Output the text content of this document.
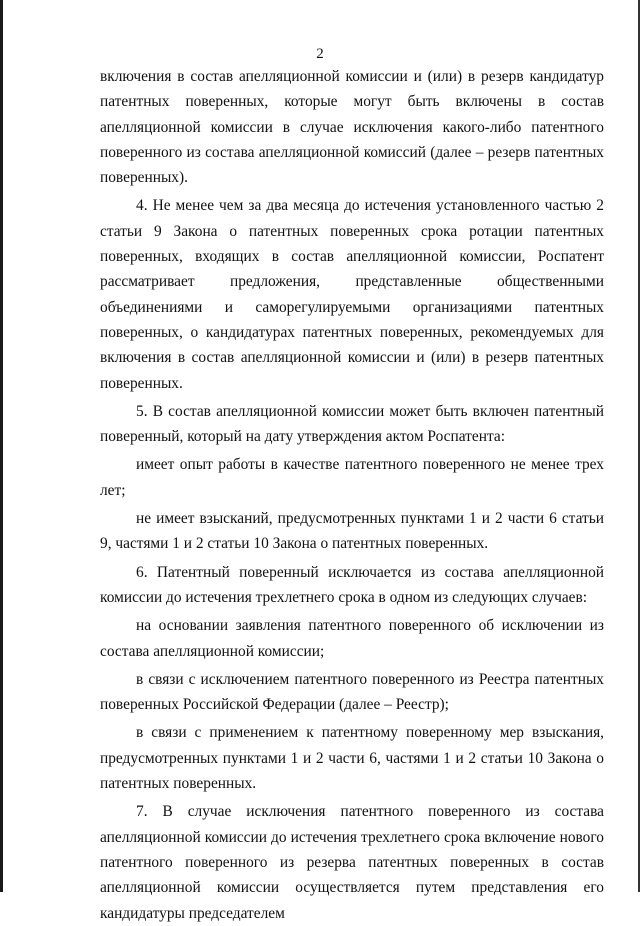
2

включения в состав апелляционной комиссии и (или) в резерв кандидатур патентных поверенных, которые могут быть включены в состав апелляционной комиссии в случае исключения какого-либо патентного поверенного из состава апелляционной комиссий (далее – резерв патентных поверенных).

4. Не менее чем за два месяца до истечения установленного частью 2 статьи 9 Закона о патентных поверенных срока ротации патентных поверенных, входящих в состав апелляционной комиссии, Роспатент рассматривает предложения, представленные общественными объединениями и саморегулируемыми организациями патентных поверенных, о кандидатурах патентных поверенных, рекомендуемых для включения в состав апелляционной комиссии и (или) в резерв патентных поверенных.

5. В состав апелляционной комиссии может быть включен патентный поверенный, который на дату утверждения актом Роспатента:

имеет опыт работы в качестве патентного поверенного не менее трех лет;

не имеет взысканий, предусмотренных пунктами 1 и 2 части 6 статьи 9, частями 1 и 2 статьи 10 Закона о патентных поверенных.

6. Патентный поверенный исключается из состава апелляционной комиссии до истечения трехлетнего срока в одном из следующих случаев:

на основании заявления патентного поверенного об исключении из состава апелляционной комиссии;

в связи с исключением патентного поверенного из Реестра патентных поверенных Российской Федерации (далее – Реестр);

в связи с применением к патентному поверенному мер взыскания, предусмотренных пунктами 1 и 2 части 6, частями 1 и 2 статьи 10 Закона о патентных поверенных.

7. В случае исключения патентного поверенного из состава апелляционной комиссии до истечения трехлетнего срока включение нового патентного поверенного из резерва патентных поверенных в состав апелляционной комиссии осуществляется путем представления его кандидатуры председателем
